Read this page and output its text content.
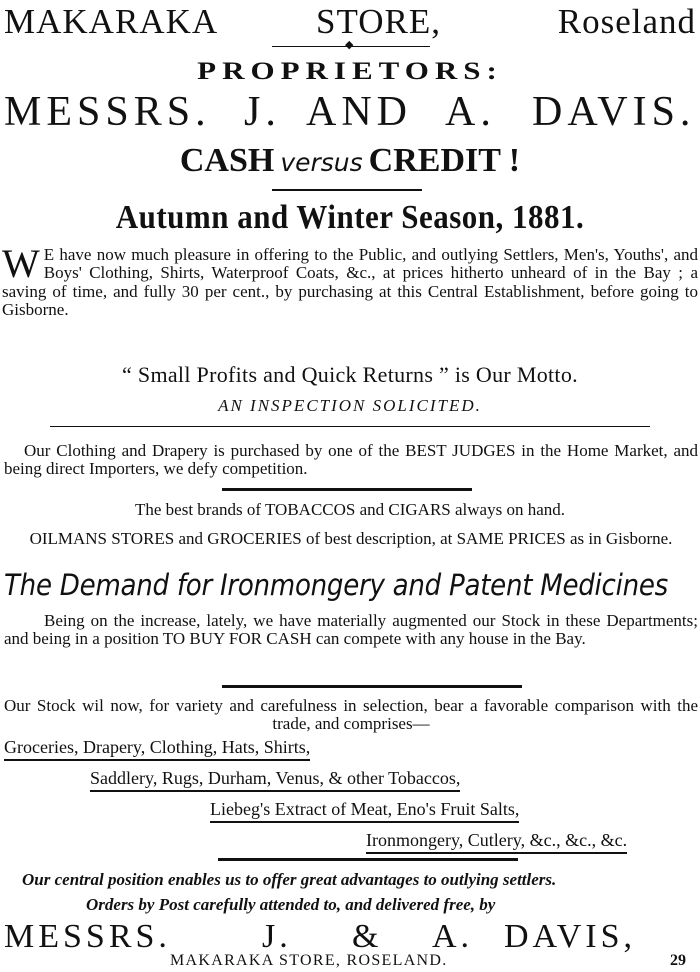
MAKARAKA	STORE,	Roseland
◆
PROPRIETORS:
MESSRS. J. AND A. DAVIS.
CASH versus CREDIT !
Autumn and Winter Season, 1881.
W E have now much pleasure in offering to the Public, and outlying Settlers, Men's, Youths', and Boys' Clothing, Shirts, Waterproof Coats, &c., at prices hitherto unheard of in the Bay ; a saving of time, and fully 30 per cent., by purchasing at this Central Establishment, before going to Gisborne.
“ Small Profits and Quick Returns ” is Our Motto.
AN INSPECTION SOLICITED.
Our Clothing and Drapery is purchased by one of the BEST JUDGES in the Home Market, and being direct Importers, we defy competition.
The best brands of TOBACCOS and CIGARS always on hand.
OILMANS STORES and GROCERIES of best description, at SAME PRICES as in Gisborne.
The Demand for Ironmongery and Patent Medicines
Being on the increase, lately, we have materially augmented our Stock in these Departments; and being in a position TO BUY FOR CASH can compete with any house in the Bay.
Our Stock wil now, for variety and carefulness in selection, bear a favorable comparison with the trade, and comprises—
Groceries, Drapery, Clothing, Hats, Shirts,
Saddlery, Rugs, Durham, Venus, & other Tobaccos,
Liebeg's Extract of Meat, Eno's Fruit Salts,
Ironmongery, Cutlery, &c., &c., &c.
Our central position enables us to offer great advantages to outlying settlers.
Orders by Post carefully attended to, and delivered free, by
MESSRS.	J. & A. DAVIS,
MAKARAKA STORE, ROSELAND.	29
